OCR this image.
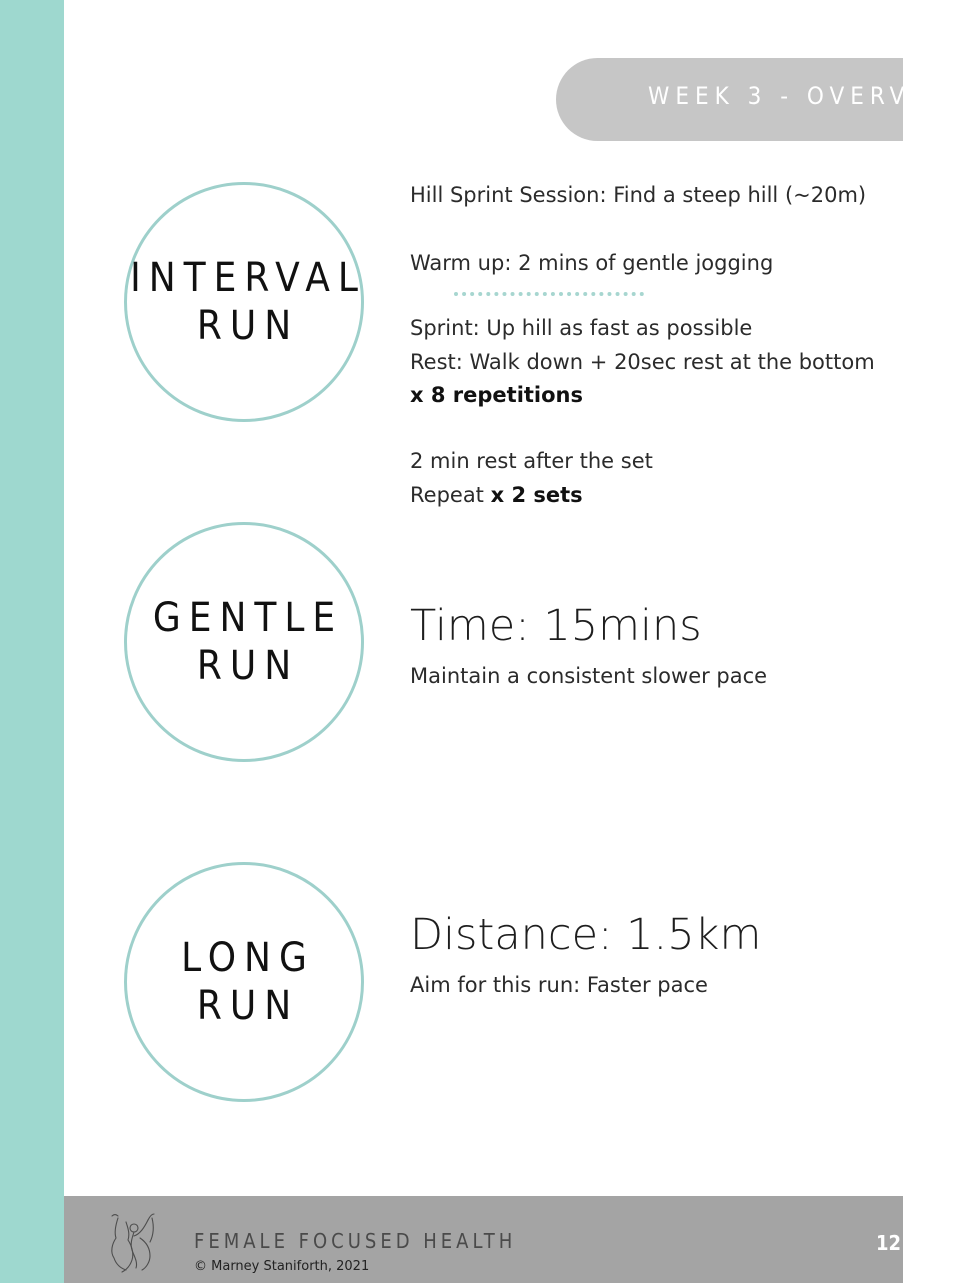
WEEK 3 - OVERVIEW
INTERVAL
RUN
Hill Sprint Session: Find a steep hill (~20m)
Warm up: 2 mins of gentle jogging
Sprint: Up hill as fast as possible
Rest: Walk down + 20sec rest at the bottom
x 8 repetitions
2 min rest after the set
Repeat x 2 sets
GENTLE
RUN
Time: 15mins
Maintain a consistent slower pace
LONG
RUN
Distance: 1.5km
Aim for this run: Faster pace
FEMALE FOCUSED HEALTH
© Marney Staniforth, 2021
12
